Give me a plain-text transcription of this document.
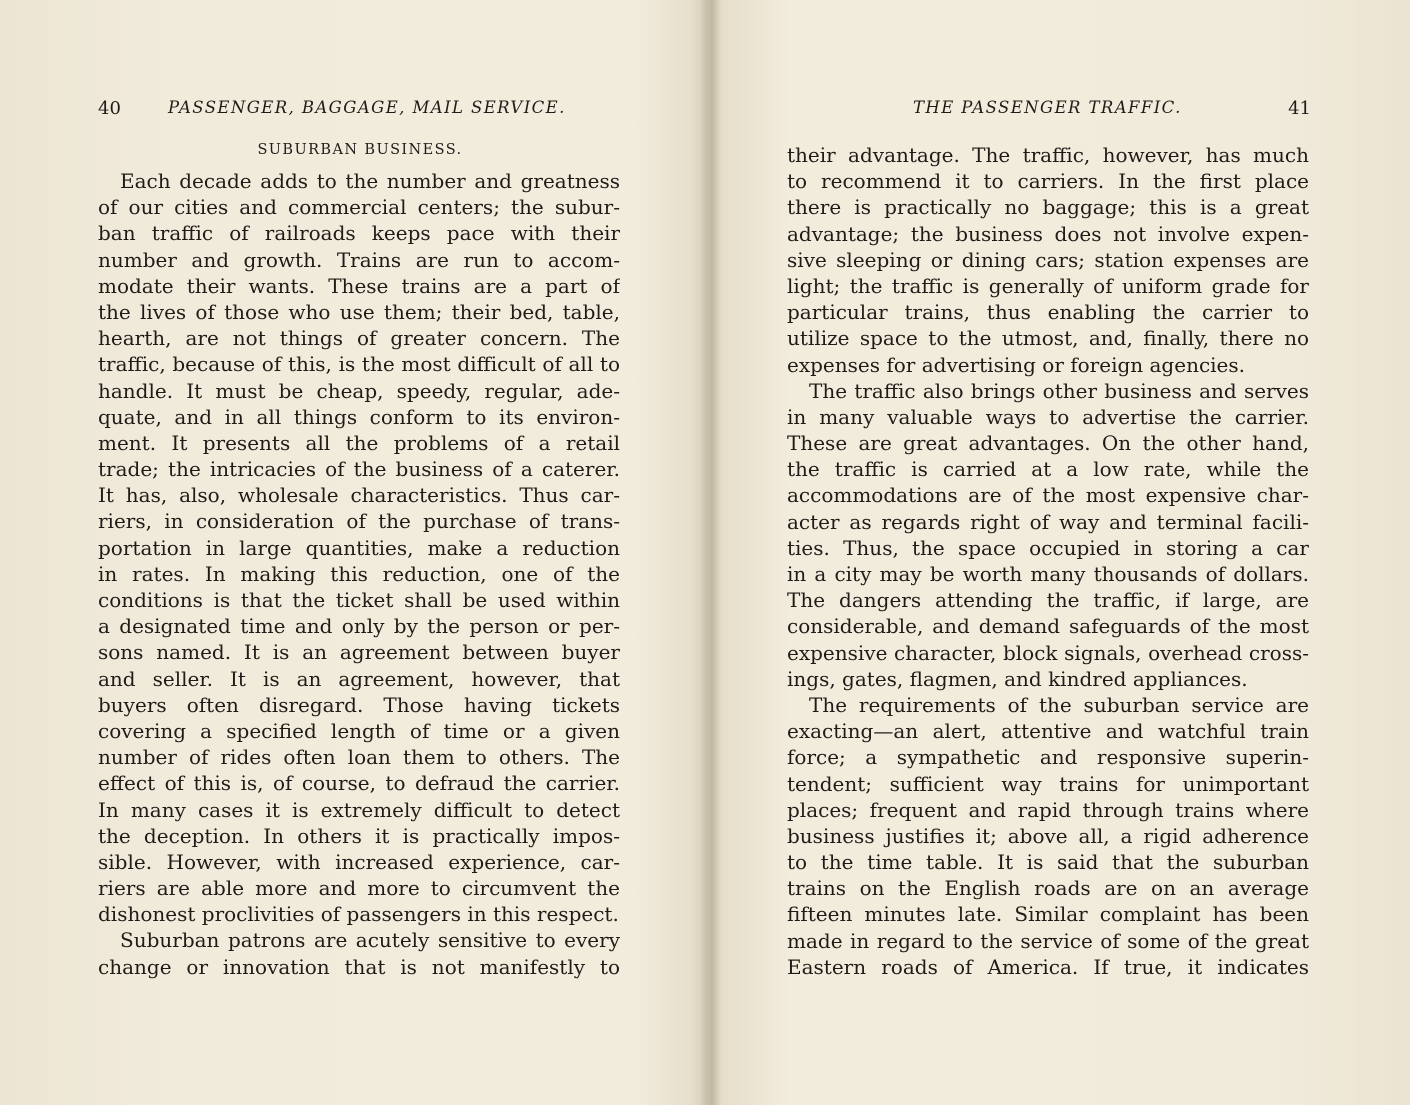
40	PASSENGER, BAGGAGE, MAIL SERVICE.
SUBURBAN BUSINESS.
Each decade adds to the number and greatness
of our cities and commercial centers; the subur-
ban traffic of railroads keeps pace with their
number and growth. Trains are run to accom-
modate their wants. These trains are a part of
the lives of those who use them; their bed, table,
hearth, are not things of greater concern. The
traffic, because of this, is the most difficult of all to
handle. It must be cheap, speedy, regular, ade-
quate, and in all things conform to its environ-
ment. It presents all the problems of a retail
trade; the intricacies of the business of a caterer.
It has, also, wholesale characteristics. Thus car-
riers, in consideration of the purchase of trans-
portation in large quantities, make a reduction
in rates. In making this reduction, one of the
conditions is that the ticket shall be used within
a designated time and only by the person or per-
sons named. It is an agreement between buyer
and seller. It is an agreement, however, that
buyers often disregard. Those having tickets
covering a specified length of time or a given
number of rides often loan them to others. The
effect of this is, of course, to defraud the carrier.
In many cases it is extremely difficult to detect
the deception. In others it is practically impos-
sible. However, with increased experience, car-
riers are able more and more to circumvent the
dishonest proclivities of passengers in this respect.
Suburban patrons are acutely sensitive to every
change or innovation that is not manifestly to
THE PASSENGER TRAFFIC.	41
their advantage. The traffic, however, has much
to recommend it to carriers. In the first place
there is practically no baggage; this is a great
advantage; the business does not involve expen-
sive sleeping or dining cars; station expenses are
light; the traffic is generally of uniform grade for
particular trains, thus enabling the carrier to
utilize space to the utmost, and, finally, there no
expenses for advertising or foreign agencies.
The traffic also brings other business and serves
in many valuable ways to advertise the carrier.
These are great advantages. On the other hand,
the traffic is carried at a low rate, while the
accommodations are of the most expensive char-
acter as regards right of way and terminal facili-
ties. Thus, the space occupied in storing a car
in a city may be worth many thousands of dollars.
The dangers attending the traffic, if large, are
considerable, and demand safeguards of the most
expensive character, block signals, overhead cross-
ings, gates, flagmen, and kindred appliances.
The requirements of the suburban service are
exacting—an alert, attentive and watchful train
force; a sympathetic and responsive superin-
tendent; sufficient way trains for unimportant
places; frequent and rapid through trains where
business justifies it; above all, a rigid adherence
to the time table. It is said that the suburban
trains on the English roads are on an average
fifteen minutes late. Similar complaint has been
made in regard to the service of some of the great
Eastern roads of America. If true, it indicates
